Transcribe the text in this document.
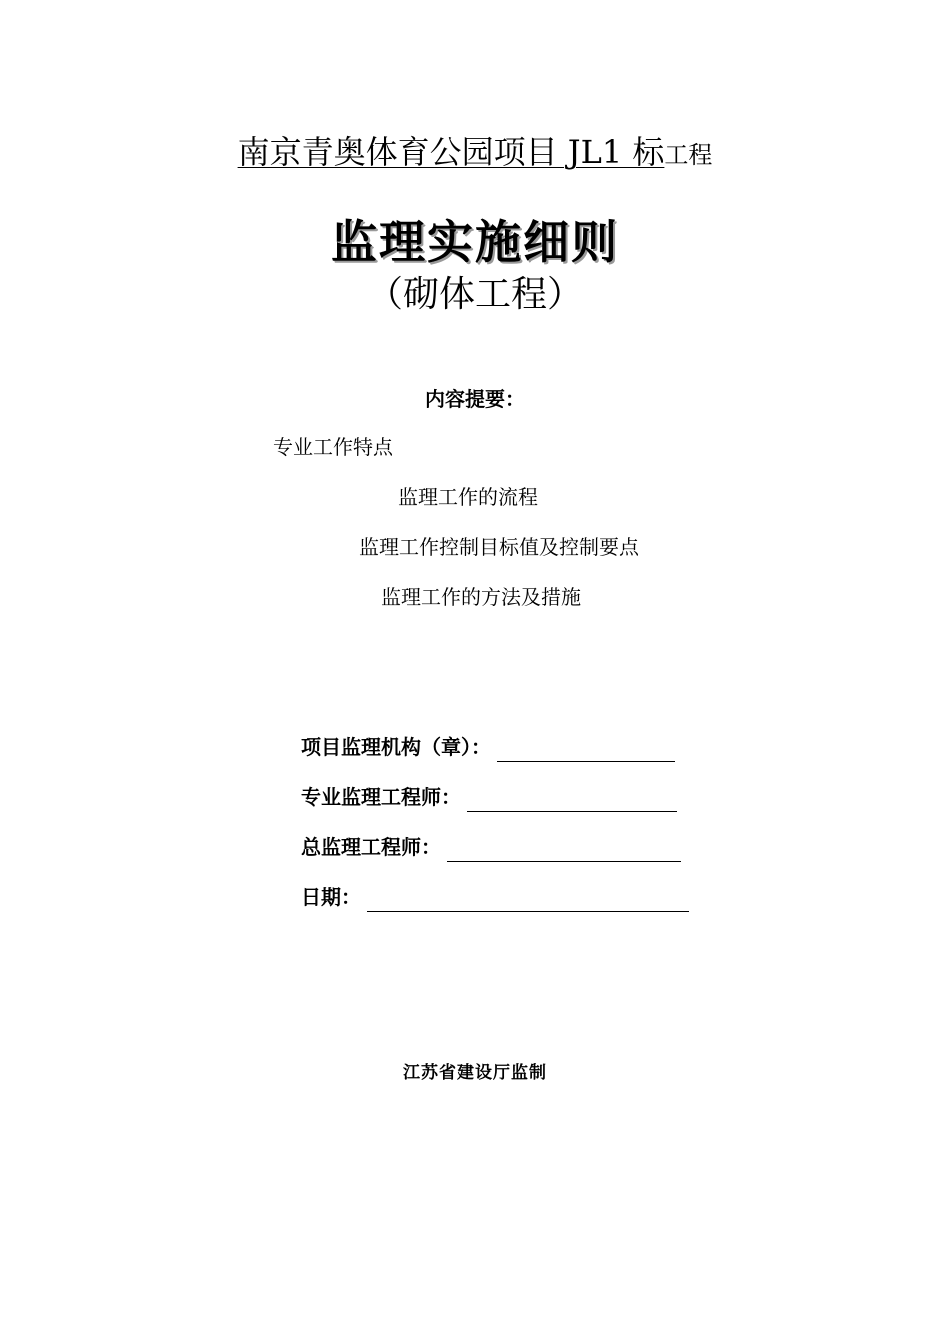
南京青奥体育公园项目 JL1 标工程
监理实施细则
（砌体工程）
内容提要：
专业工作特点
监理工作的流程
监理工作控制目标值及控制要点
监理工作的方法及措施
项目监理机构（章）：
专业监理工程师：
总监理工程师：
日期：
江苏省建设厅监制
